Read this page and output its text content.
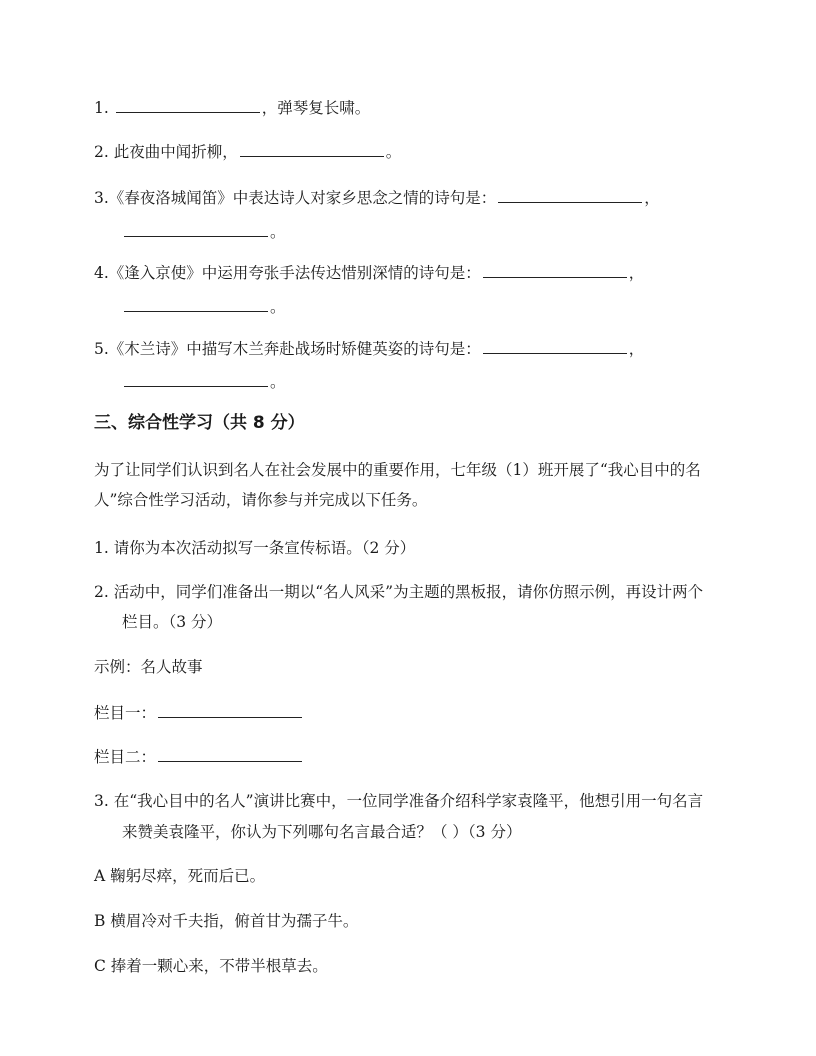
1.	，弹琴复长啸。
2. 此夜曲中闻折柳，	。
3.《春夜洛城闻笛》中表达诗人对家乡思念之情的诗句是：	，
。
4.《逢入京使》中运用夸张手法传达惜别深情的诗句是：	，
。
5.《木兰诗》中描写木兰奔赴战场时矫健英姿的诗句是：	，
。
三、综合性学习（共 8 分）
为了让同学们认识到名人在社会发展中的重要作用，七年级（1）班开展了“我心目中的名
人”综合性学习活动，请你参与并完成以下任务。
1. 请你为本次活动拟写一条宣传标语。（2 分）
2. 活动中，同学们准备出一期以“名人风采”为主题的黑板报，请你仿照示例，再设计两个
栏目。（3 分）
示例：名人故事
栏目一：
栏目二：
3. 在“我心目中的名人”演讲比赛中，一位同学准备介绍科学家袁隆平，他想引用一句名言
来赞美袁隆平，你认为下列哪句名言最合适？（ ）（3 分）
A 鞠躬尽瘁，死而后已。
B 横眉冷对千夫指，俯首甘为孺子牛。
C 捧着一颗心来，不带半根草去。
